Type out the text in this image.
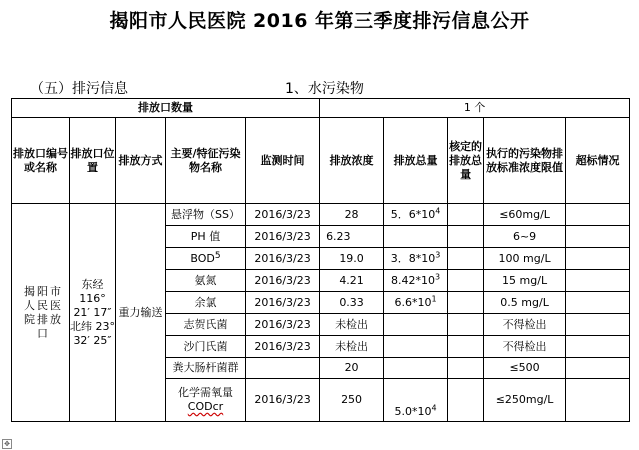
揭阳市人民医院 2016 年第三季度排污信息公开
（五）排污信息	1、水污染物
排放口数量					1 个				
排放口编号或名称	排放口位置	排放方式	主要/特征污染物名称	监测时间	排放浓度	排放总量	核定的排放总量	执行的污染物排放标准浓度限值	超标情况
揭阳市人民医院排放口	东经 116° 21′ 17″ 北纬 23° 32′ 25″	重力输送	悬浮物（SS）	2016/3/23	28	5．$6*10^4$		≤60mg/L	
			PH 值	2016/3/23	6.23			6~9	
			BOD$^5$	2016/3/23	19.0	3．$8*10^3$		100 mg/L	
			氨氮	2016/3/23	4.21	$8.42*10^3$		15 mg/L	
			余氯	2016/3/23	0.33	$6.6*10^1$		0.5 mg/L	
			志贺氏菌	2016/3/23	未检出			不得检出	
			沙门氏菌	2016/3/23	未检出			不得检出	
			粪大肠杆菌群		20			≤500	

			化学需氧量
CODcr	2016/3/23	250	$5.0*10^4$		≤250mg/L	
✥
